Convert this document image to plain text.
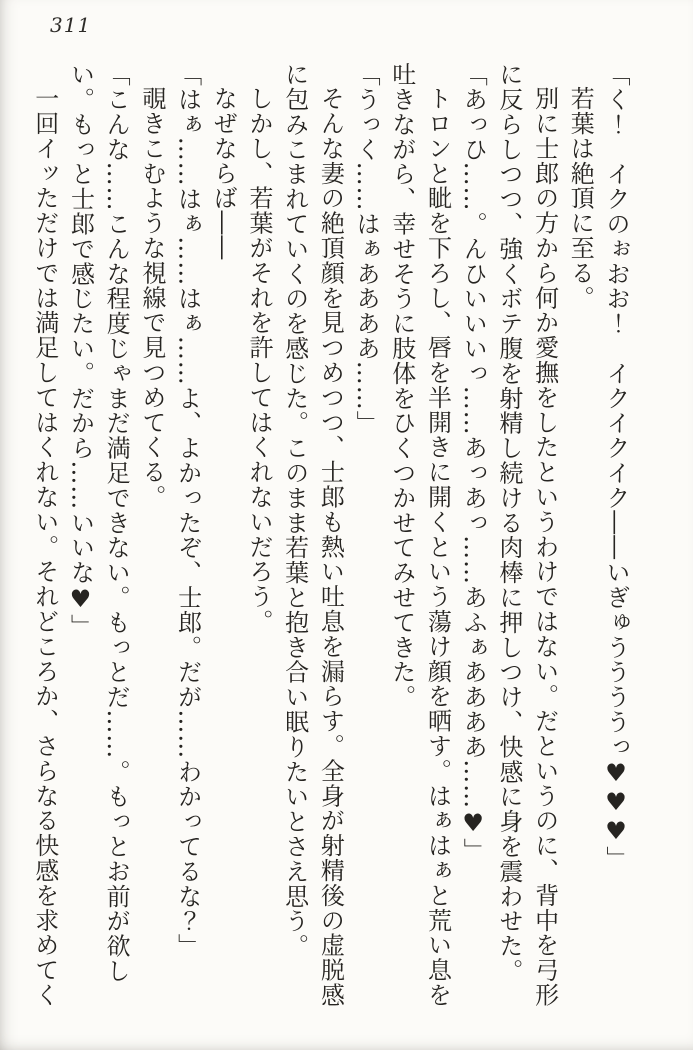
311

「く！　イクのぉおお！　イクイクイク――いぎゅううううっ♥♥♥」

若葉は絶頂に至る。

別に士郎の方から何か愛撫をしたというわけではない。だというのに、背中を弓形に反らしつつ、強くボテ腹を射精し続ける肉棒に押しつけ、快感に身を震わせた。

「あっひ……。んひいいいっ……あっあっ……あふぁああああ……♥」

トロンと眦を下ろし、唇を半開きに開くという蕩け顔を晒す。はぁはぁと荒い息を吐きながら、幸せそうに肢体をひくつかせてみせてきた。

「うっく……はぁああああ……」

そんな妻の絶頂顔を見つめつつ、士郎も熱い吐息を漏らす。全身が射精後の虚脱感に包みこまれていくのを感じた。このまま若葉と抱き合い眠りたいとさえ思う。

しかし、若葉がそれを許してはくれないだろう。

なぜならば――

「はぁ……はぁ……はぁ……よ、よかったぞ、士郎。だが……わかってるな？」

覗きこむような視線で見つめてくる。

「こんな……こんな程度じゃまだ満足できない。もっとだ……。もっとお前が欲しい。もっと士郎で感じたい。だから……いいな♥」

一回イッただけでは満足してはくれない。それどころか、さらなる快感を求めてく
